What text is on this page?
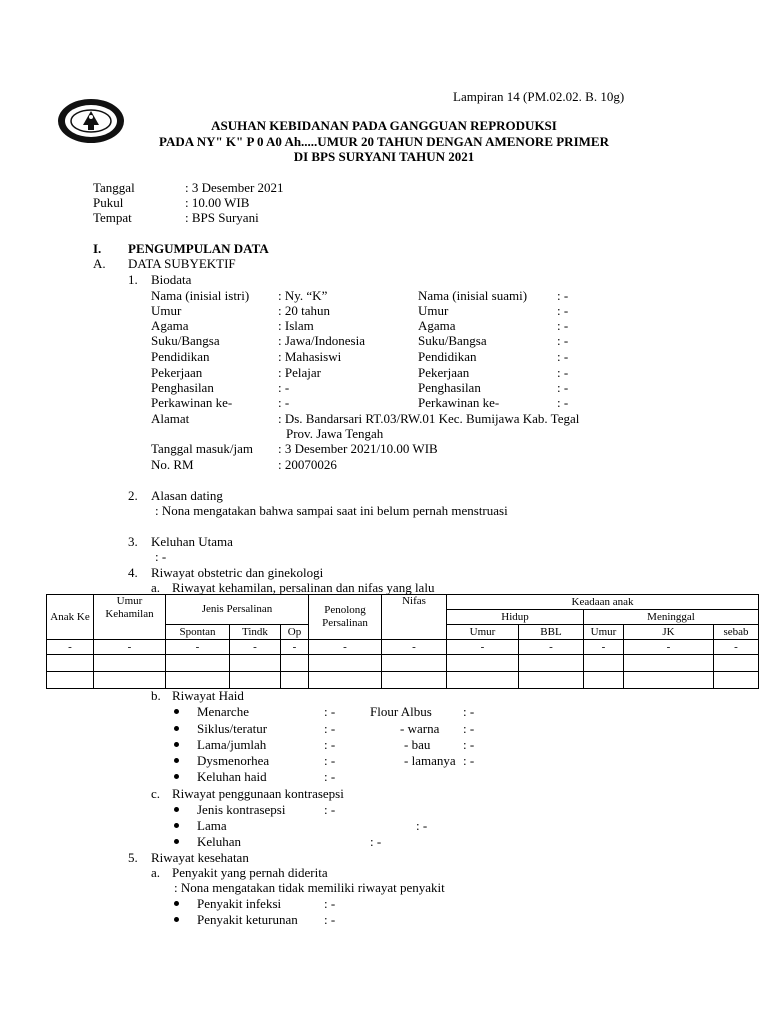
Lampiran 14 (PM.02.02. B. 10g)
ASUHAN KEBIDANAN PADA GANGGUAN REPRODUKSI
PADA NY" K" P 0 A0 Ah.....UMUR 20 TAHUN DENGAN AMENORE PRIMER
DI BPS SURYANI TAHUN 2021
Tanggal	: 3 Desember 2021
Pukul	: 10.00 WIB
Tempat	: BPS Suryani
I. PENGUMPULAN DATA
A. DATA SUBYEKTIF
1. Biodata
Nama (inisial istri) : Ny. “K”	Nama (inisial suami) : -
Umur	: 20 tahun	Umur	: -
Agama	: Islam	Agama	: -
Suku/Bangsa	: Jawa/Indonesia	Suku/Bangsa	: -
Pendidikan	: Mahasiswi	Pendidikan	: -
Pekerjaan	: Pelajar	Pekerjaan	: -
Penghasilan	: -	Penghasilan	: -
Perkawinan ke-	: -	Perkawinan ke-	: -
Alamat	: Ds. Bandarsari RT.03/RW.01 Kec. Bumijawa Kab. Tegal
Prov. Jawa Tengah
Tanggal masuk/jam : 3 Desember 2021/10.00 WIB
No. RM	: 20070026
2. Alasan dating
: Nona mengatakan bahwa sampai saat ini belum pernah menstruasi
3. Keluhan Utama
: -
4. Riwayat obstetric dan ginekologi
a. Riwayat kehamilan, persalinan dan nifas yang lalu
Anak Ke	Umur Kehamilan	Jenis Persalinan			Penolong Persalinan	Nifas	Keadaan anak				
							Hidup		Meninggal		
		Spontan	Tindk	Op			Umur	BBL	Umur	JK	sebab
-	-	-	-	-	-	-	-	-	-	-	-

b. Riwayat Haid
Menarche	: -	Flour Albus : -
Siklus/teratur	: -	- warna : -
Lama/jumlah	: -	- bau	: -
Dysmenorhea	: -	- lamanya : -
Keluhan haid	: -
c. Riwayat penggunaan kontrasepsi
Jenis kontrasepsi	: -
Lama	: -
Keluhan	: -
5. Riwayat kesehatan
a. Penyakit yang pernah diderita
: Nona mengatakan tidak memiliki riwayat penyakit
Penyakit infeksi	: -
Penyakit keturunan : -
